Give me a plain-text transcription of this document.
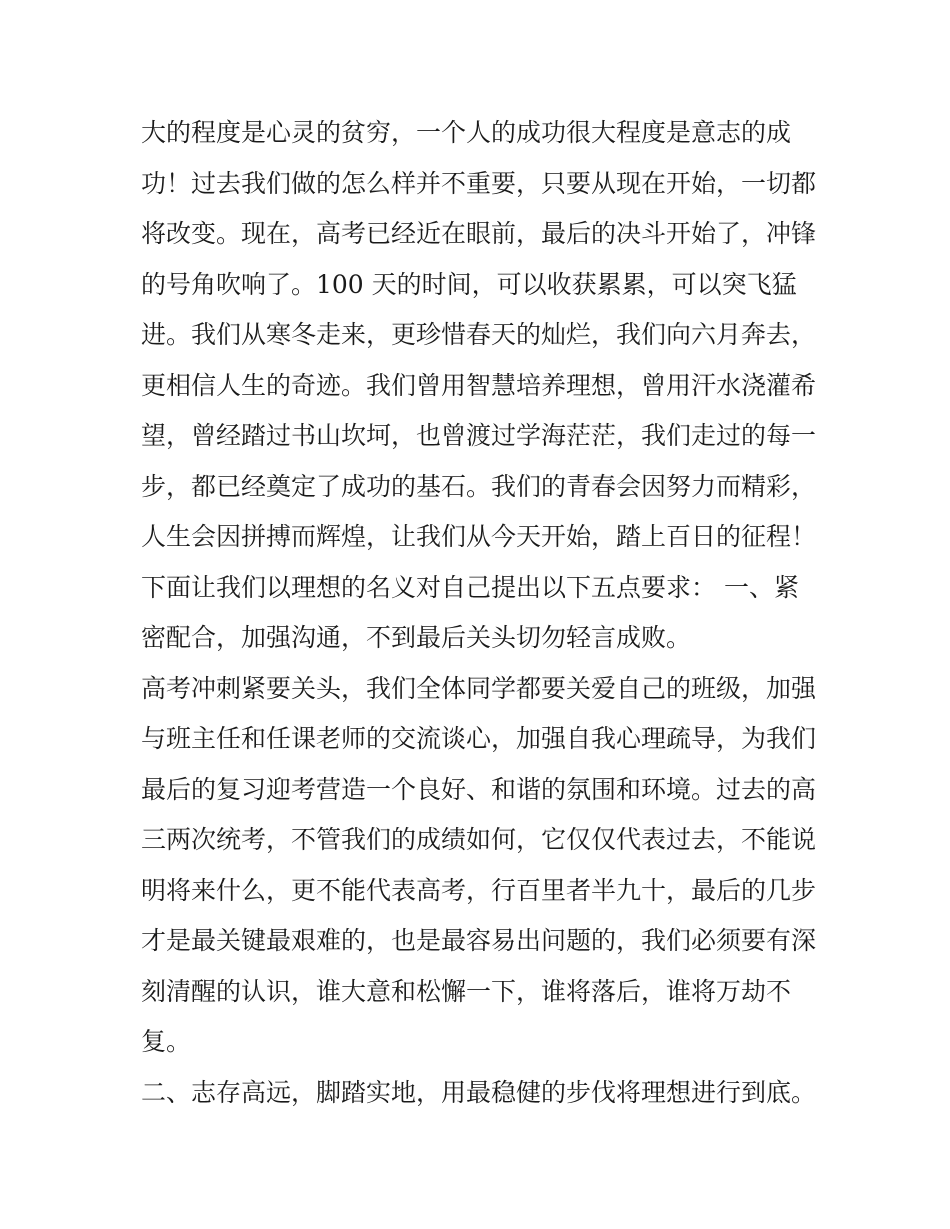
大的程度是心灵的贫穷，一个人的成功很大程度是意志的成
功！过去我们做的怎么样并不重要，只要从现在开始，一切都
将改变。现在，高考已经近在眼前，最后的决斗开始了，冲锋
的号角吹响了。100 天的时间，可以收获累累，可以突飞猛
进。我们从寒冬走来，更珍惜春天的灿烂，我们向六月奔去，
更相信人生的奇迹。我们曾用智慧培养理想，曾用汗水浇灌希
望，曾经踏过书山坎坷，也曾渡过学海茫茫，我们走过的每一
步，都已经奠定了成功的基石。我们的青春会因努力而精彩，
人生会因拼搏而辉煌，让我们从今天开始，踏上百日的征程！
下面让我们以理想的名义对自己提出以下五点要求： 一、紧
密配合，加强沟通，不到最后关头切勿轻言成败。
高考冲刺紧要关头，我们全体同学都要关爱自己的班级，加强
与班主任和任课老师的交流谈心，加强自我心理疏导，为我们
最后的复习迎考营造一个良好、和谐的氛围和环境。过去的高
三两次统考，不管我们的成绩如何，它仅仅代表过去，不能说
明将来什么，更不能代表高考，行百里者半九十，最后的几步
才是最关键最艰难的，也是最容易出问题的，我们必须要有深
刻清醒的认识，谁大意和松懈一下，谁将落后，谁将万劫不
复。
二、志存高远，脚踏实地，用最稳健的步伐将理想进行到底。
